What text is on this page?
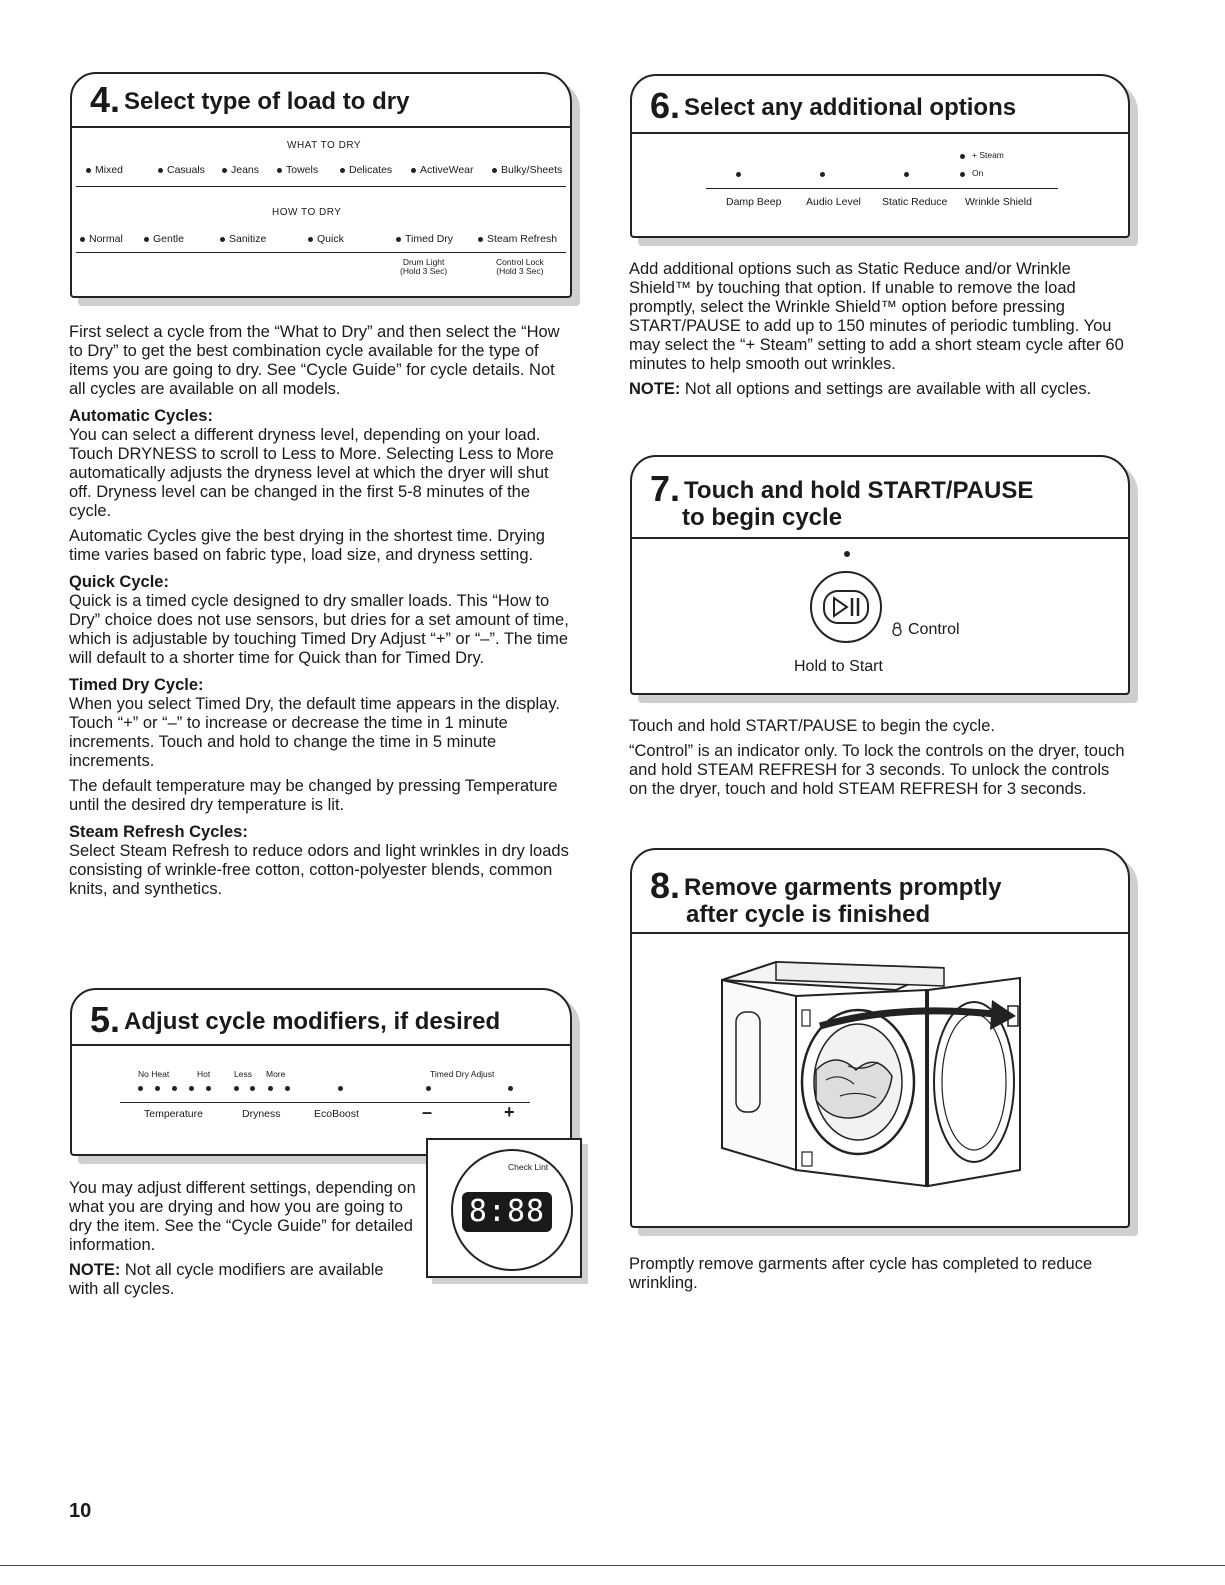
4. Select type of load to dry
WHAT TO DRY
Mixed	Casuals	Jeans	Towels	Delicates	ActiveWear	Bulky/Sheets
HOW TO DRY
Normal	Gentle	Sanitize	Quick	Timed Dry	Steam Refresh
Drum Light
(Hold 3 Sec)
Control Lock
(Hold 3 Sec)

First select a cycle from the “What to Dry” and then select the “How to Dry” to get the best combination cycle available for the type of items you are going to dry. See “Cycle Guide” for cycle details. Not all cycles are available on all models.

Automatic Cycles:

You can select a different dryness level, depending on your load. Touch DRYNESS to scroll to Less to More. Selecting Less to More automatically adjusts the dryness level at which the dryer will shut off. Dryness level can be changed in the first 5-8 minutes of the cycle.

Automatic Cycles give the best drying in the shortest time. Drying time varies based on fabric type, load size, and dryness setting.

Quick Cycle:

Quick is a timed cycle designed to dry smaller loads. This “How to Dry” choice does not use sensors, but dries for a set amount of time, which is adjustable by touching Timed Dry Adjust “+” or “–”. The time will default to a shorter time for Quick than for Timed Dry.

Timed Dry Cycle:

When you select Timed Dry, the default time appears in the display. Touch “+” or “–” to increase or decrease the time in 1 minute increments. Touch and hold to change the time in 5 minute increments.

The default temperature may be changed by pressing Temperature until the desired dry temperature is lit.

Steam Refresh Cycles:

Select Steam Refresh to reduce odors and light wrinkles in dry loads consisting of wrinkle-free cotton, cotton-polyester blends, common knits, and synthetics.

5. Adjust cycle modifiers, if desired
No Heat	Hot	Less More	Timed Dry Adjust
Temperature	Dryness	EcoBoost	–	+
Check Lint
8:88

You may adjust different settings, depending on what you are drying and how you are going to dry the item. See the “Cycle Guide” for detailed information.

NOTE: Not all cycle modifiers are available with all cycles.

6. Select any additional options
+ Steam
On
Damp Beep Audio Level Static Reduce Wrinkle Shield

Add additional options such as Static Reduce and/or Wrinkle Shield™ by touching that option. If unable to remove the load promptly, select the Wrinkle Shield™ option before pressing START/PAUSE to add up to 150 minutes of periodic tumbling. You may select the “+ Steam” setting to add a short steam cycle after 60 minutes to help smooth out wrinkles.

NOTE: Not all options and settings are available with all cycles.

7. Touch and hold START/PAUSE
to begin cycle
Control
Hold to Start

Touch and hold START/PAUSE to begin the cycle.

“Control” is an indicator only. To lock the controls on the dryer, touch and hold STEAM REFRESH for 3 seconds. To unlock the controls on the dryer, touch and hold STEAM REFRESH for 3 seconds.

8. Remove garments promptly
after cycle is finished

Promptly remove garments after cycle has completed to reduce wrinkling.

10
